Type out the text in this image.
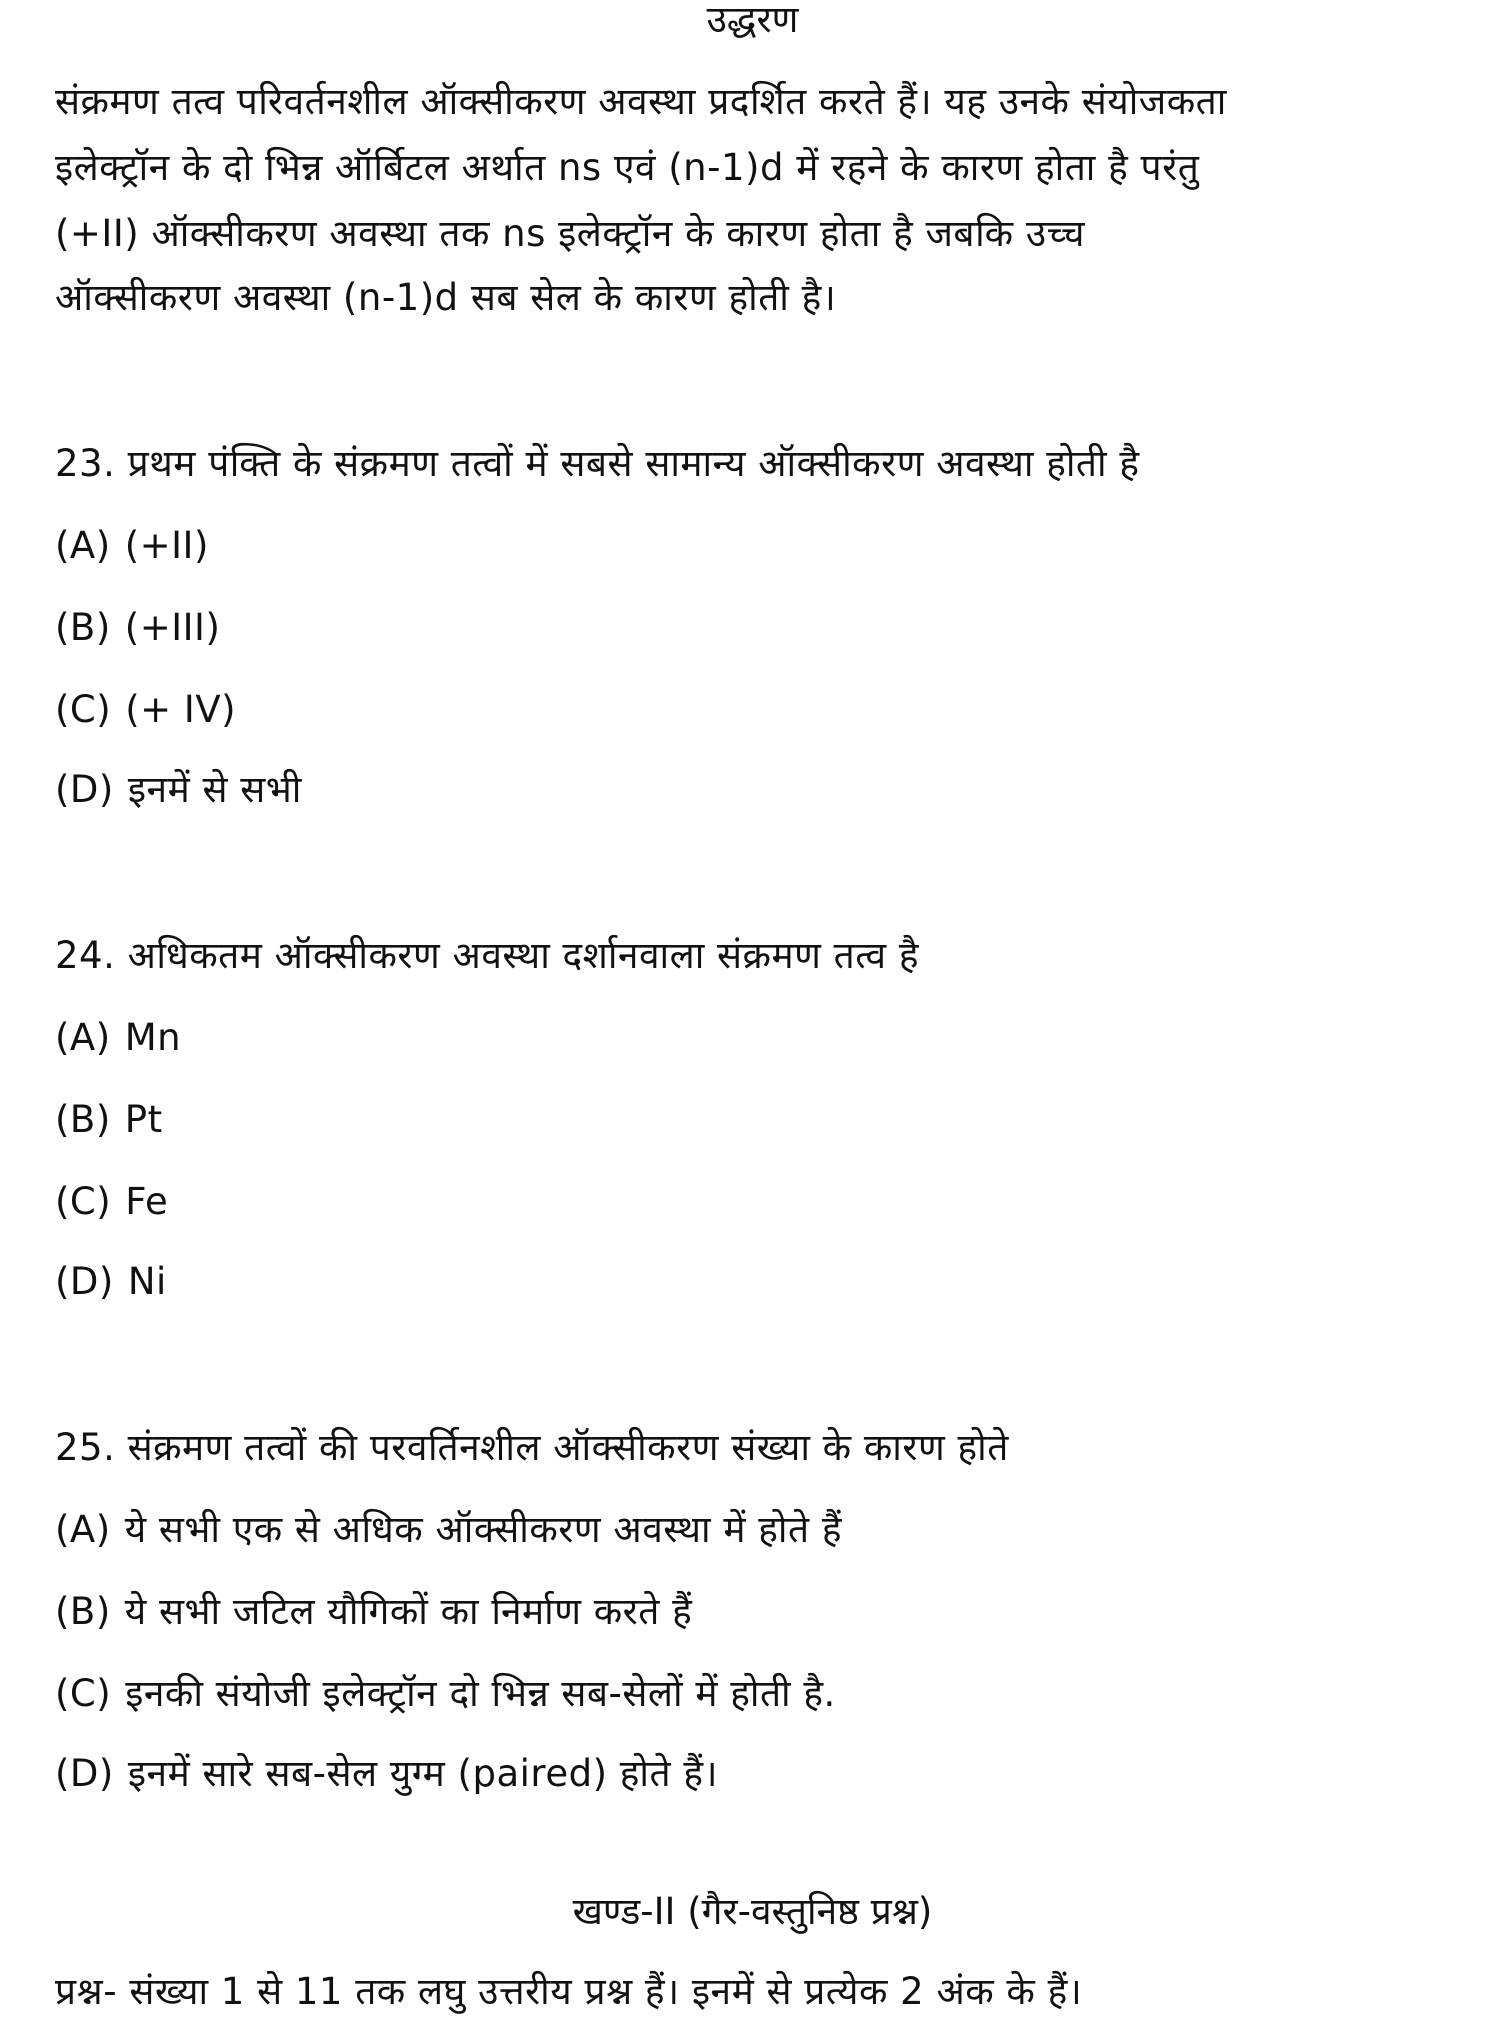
उद्धरण
संक्रमण तत्व परिवर्तनशील ऑक्सीकरण अवस्था प्रदर्शित करते हैं। यह उनके संयोजकता
इलेक्ट्रॉन के दो भिन्न ऑर्बिटल अर्थात ns एवं (n-1)d में रहने के कारण होता है परंतु
(+II) ऑक्सीकरण अवस्था तक ns इलेक्ट्रॉन के कारण होता है जबकि उच्च
ऑक्सीकरण अवस्था (n-1)d सब सेल के कारण होती है।
23. प्रथम पंक्ति के संक्रमण तत्वों में सबसे सामान्य ऑक्सीकरण अवस्था होती है
(A) (+II)
(B) (+III)
(C) (+ IV)
(D) इनमें से सभी
24. अधिकतम ऑक्सीकरण अवस्था दर्शानवाला संक्रमण तत्व है
(A) Mn
(B) Pt
(C) Fe
(D) Ni
25. संक्रमण तत्वों की परवर्तिनशील ऑक्सीकरण संख्या के कारण होते
(A) ये सभी एक से अधिक ऑक्सीकरण अवस्था में होते हैं
(B) ये सभी जटिल यौगिकों का निर्माण करते हैं
(C) इनकी संयोजी इलेक्ट्रॉन दो भिन्न सब-सेलों में होती है.
(D) इनमें सारे सब-सेल युग्म (paired) होते हैं।
खण्ड-II (गैर-वस्तुनिष्ठ प्रश्न)
प्रश्न- संख्या 1 से 11 तक लघु उत्तरीय प्रश्न हैं। इनमें से प्रत्येक 2 अंक के हैं।
